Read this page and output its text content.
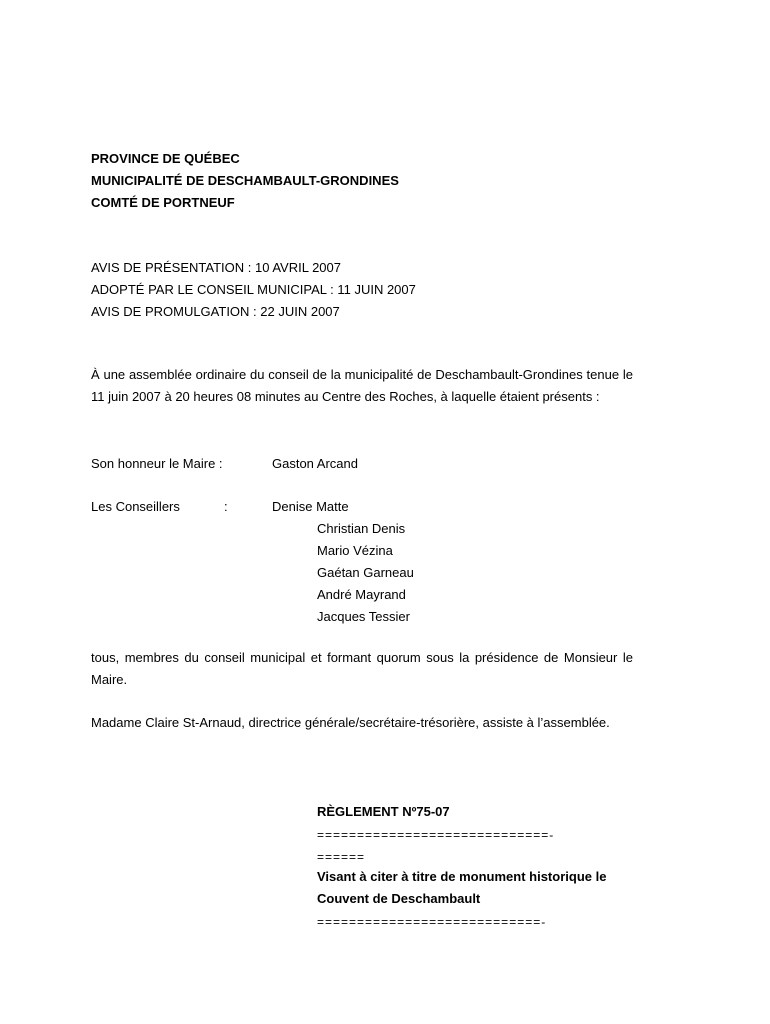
PROVINCE DE QUÉBEC
MUNICIPALITÉ DE DESCHAMBAULT-GRONDINES
COMTÉ DE PORTNEUF
AVIS DE PRÉSENTATION : 10 AVRIL 2007
ADOPTÉ PAR LE CONSEIL MUNICIPAL : 11 JUIN 2007
AVIS DE PROMULGATION : 22 JUIN 2007
À une assemblée ordinaire du conseil de la municipalité de Deschambault-Grondines tenue le 11 juin 2007 à 20 heures 08 minutes au Centre des Roches, à laquelle étaient présents :
Son honneur le Maire :	Gaston Arcand
Les Conseillers	:	Denise Matte
Christian Denis
Mario Vézina
Gaétan Garneau
André Mayrand
Jacques Tessier
tous, membres du conseil municipal et formant quorum sous la présidence de Monsieur le Maire.
Madame Claire St-Arnaud, directrice générale/secrétaire-trésorière, assiste à l’assemblée.
RÈGLEMENT Nº75-07
=============================-
======
Visant à citer à titre de monument historique le
Couvent de Deschambault
============================-
